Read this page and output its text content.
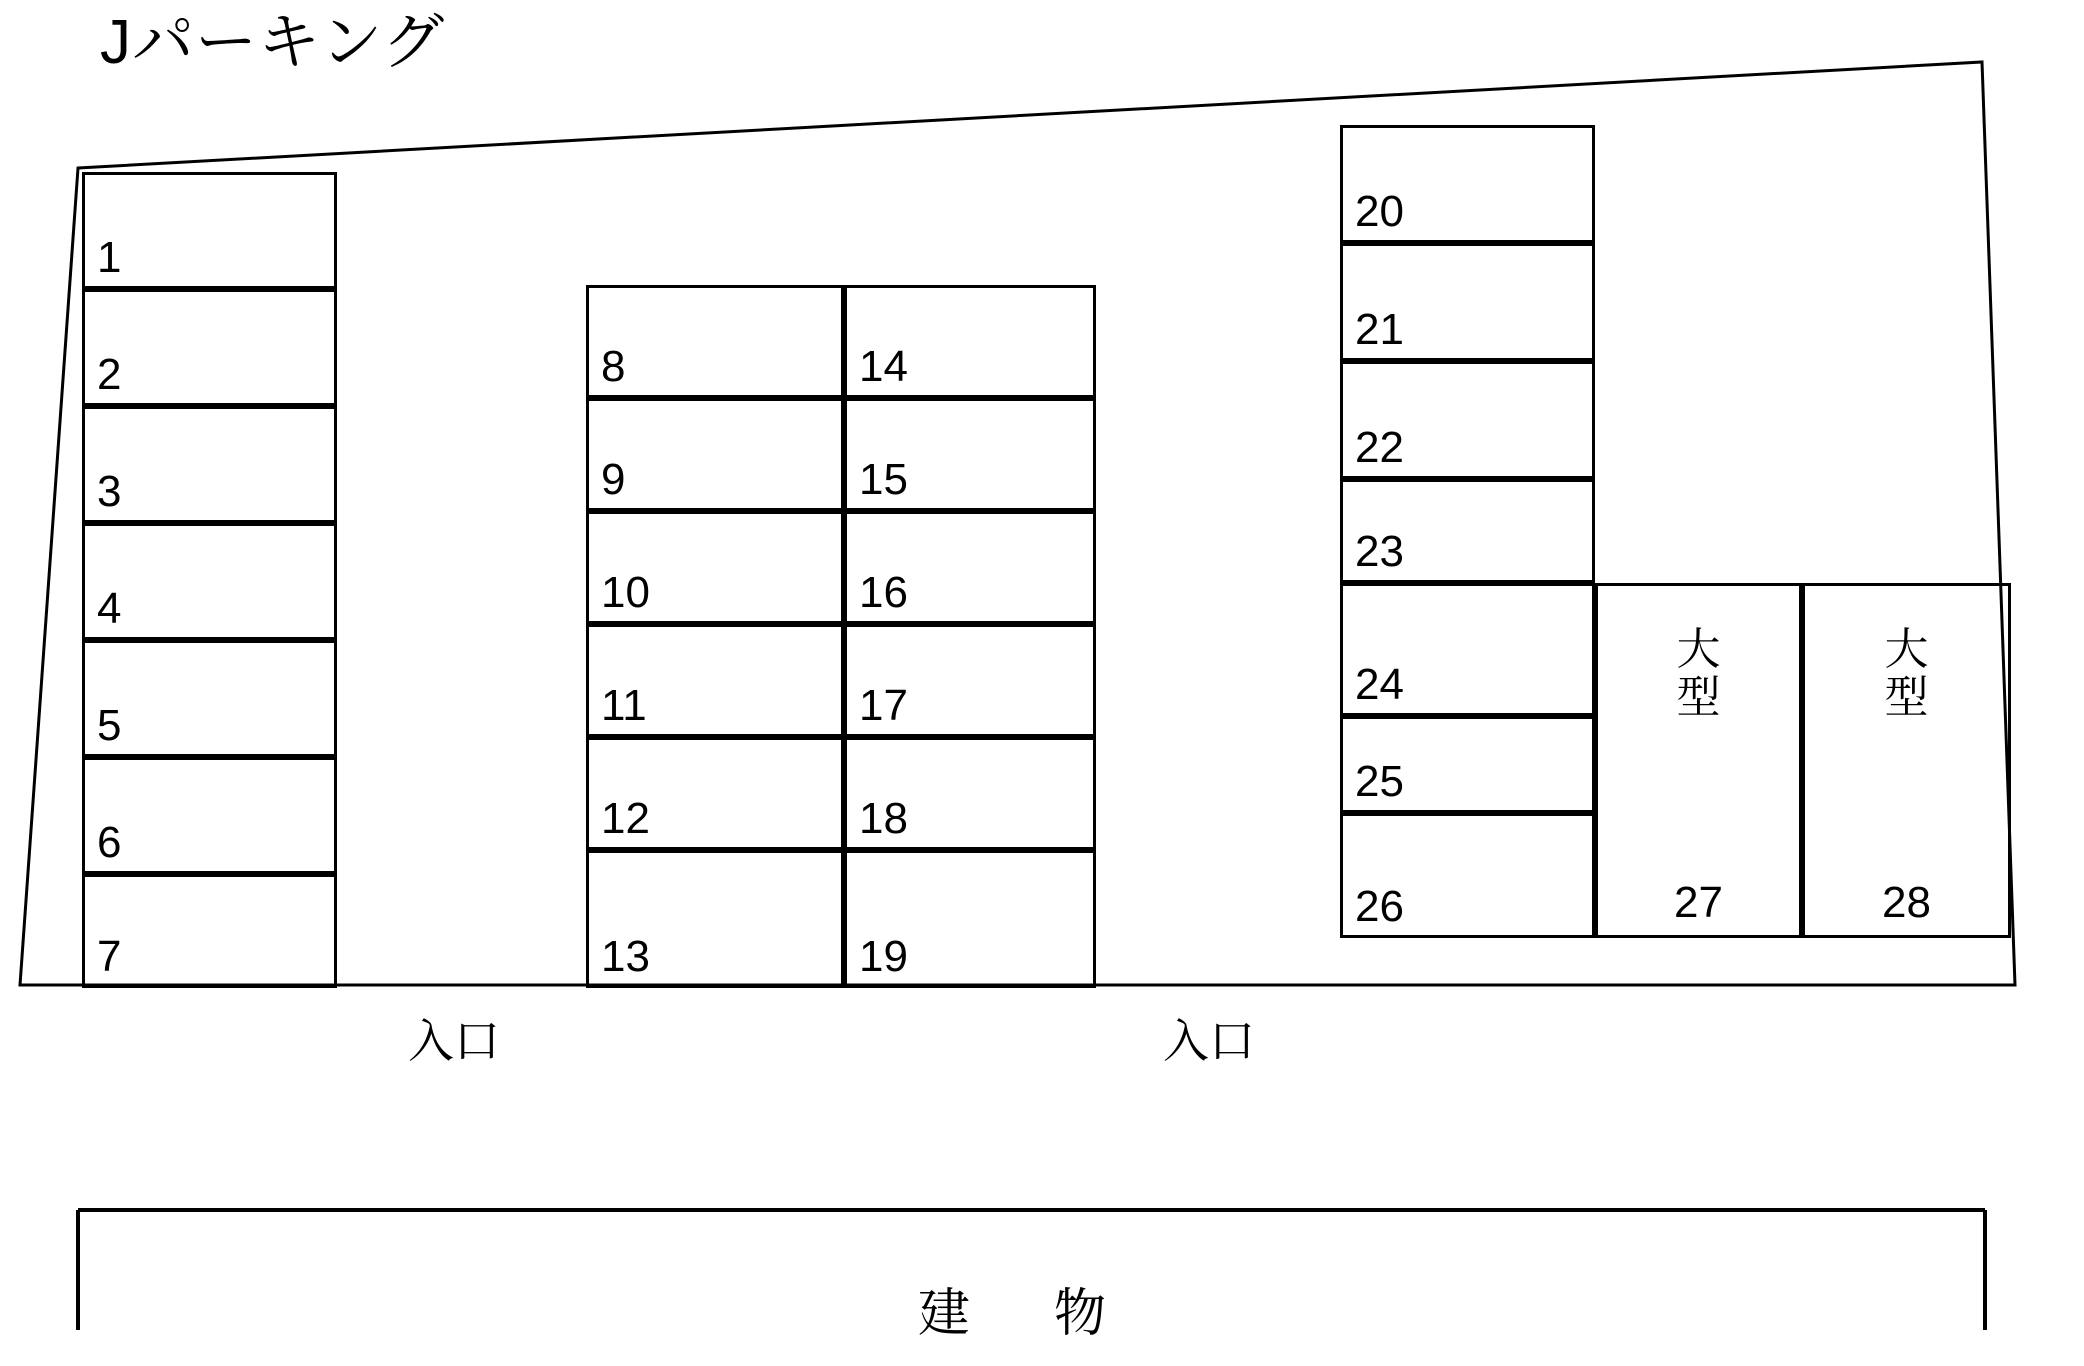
Jパーキング
1
2
3
4
5
6
7
8
9
10
11
12
13
14
15
16
17
18
19
20
21
22
23
24
25
26
大
型
27
大
型
28
入口	入口
建　物
